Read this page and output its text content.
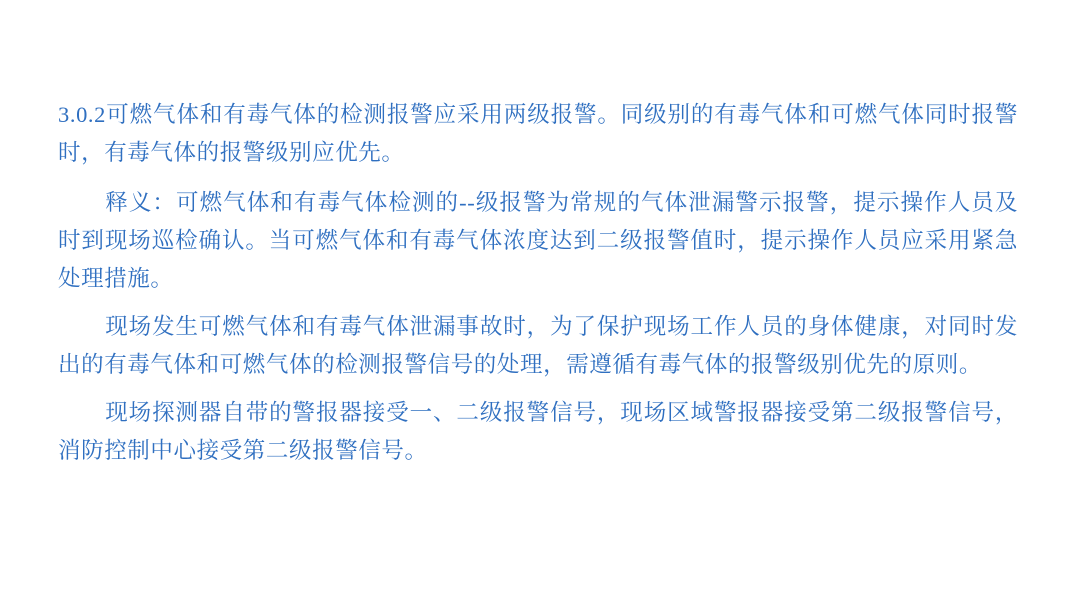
3.0.2可燃气体和有毒气体的检测报警应采用两级报警。同级别的有毒气体和可燃气体同时报警时，有毒气体的报警级别应优先。

释义：可燃气体和有毒气体检测的--级报警为常规的气体泄漏警示报警，提示操作人员及时到现场巡检确认。当可燃气体和有毒气体浓度达到二级报警值时，提示操作人员应采用紧急处理措施。

现场发生可燃气体和有毒气体泄漏事故时，为了保护现场工作人员的身体健康，对同时发出的有毒气体和可燃气体的检测报警信号的处理，需遵循有毒气体的报警级别优先的原则。

现场探测器自带的警报器接受一、二级报警信号，现场区域警报器接受第二级报警信号，消防控制中心接受第二级报警信号。
